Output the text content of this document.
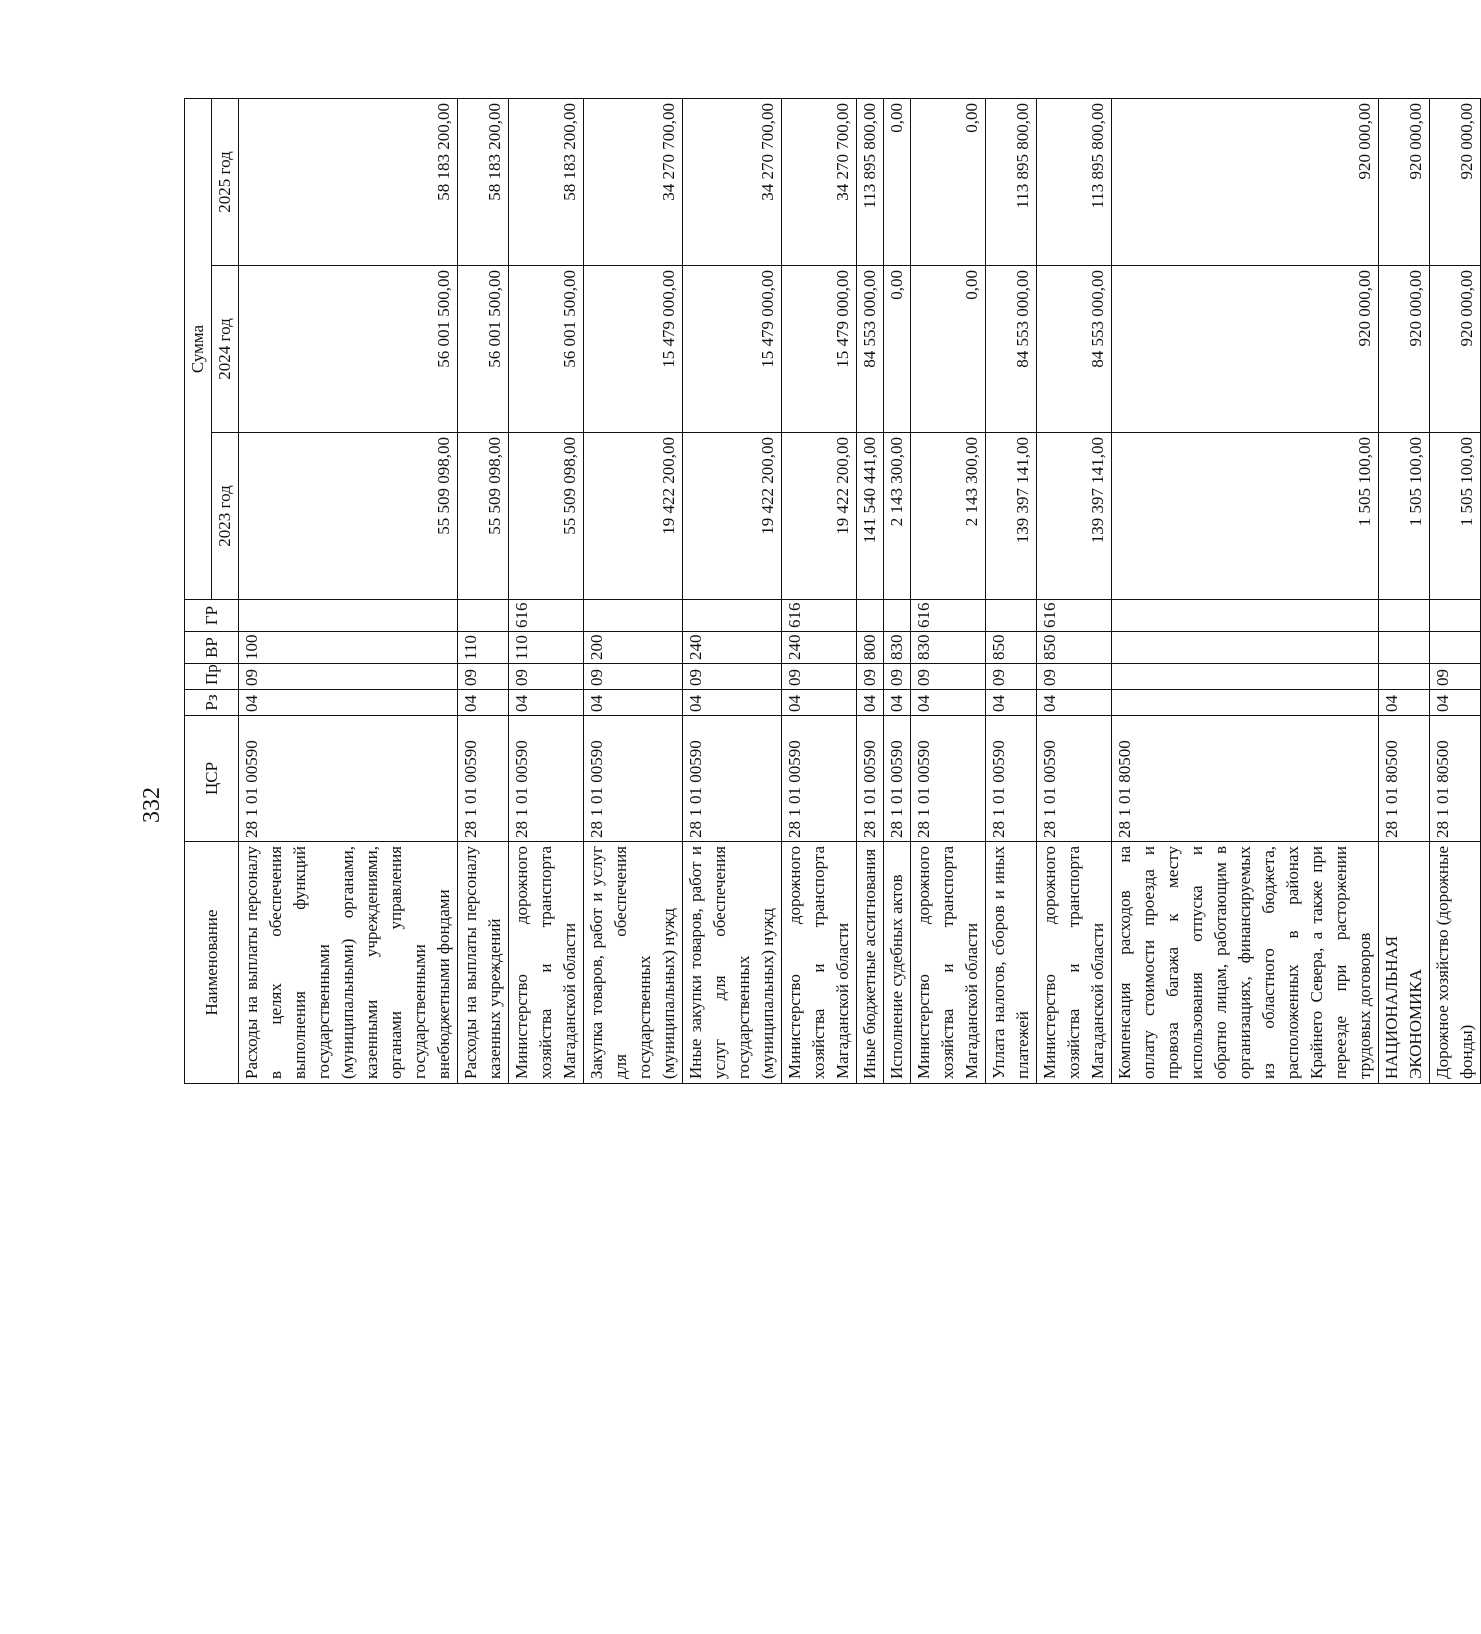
332
Наименование	ЦСР	Рз	Пр	ВР	ГР	Сумма		
						2023 год	2024 год	2025 год
Расходы на выплаты персоналу в целях обеспечения выполнения функций государственными (муниципальными) органами, казенными учреждениями, органами управления государственными внебюджетными фондами	28 1 01 00590	04	09	100		55 509 098,00	56 001 500,00	58 183 200,00
Расходы на выплаты персоналу казенных учреждений	28 1 01 00590	04	09	110		55 509 098,00	56 001 500,00	58 183 200,00
Министерство дорожного хозяйства и транспорта Магаданской области	28 1 01 00590	04	09	110	616	55 509 098,00	56 001 500,00	58 183 200,00
Закупка товаров, работ и услуг для обеспечения государственных (муниципальных) нужд	28 1 01 00590	04	09	200		19 422 200,00	15 479 000,00	34 270 700,00
Иные закупки товаров, работ и услуг для обеспечения государственных (муниципальных) нужд	28 1 01 00590	04	09	240		19 422 200,00	15 479 000,00	34 270 700,00
Министерство дорожного хозяйства и транспорта Магаданской области	28 1 01 00590	04	09	240	616	19 422 200,00	15 479 000,00	34 270 700,00
Иные бюджетные ассигнования	28 1 01 00590	04	09	800		141 540 441,00	84 553 000,00	113 895 800,00
Исполнение судебных актов	28 1 01 00590	04	09	830		2 143 300,00	0,00	0,00
Министерство дорожного хозяйства и транспорта Магаданской области	28 1 01 00590	04	09	830	616	2 143 300,00	0,00	0,00
Уплата налогов, сборов и иных платежей	28 1 01 00590	04	09	850		139 397 141,00	84 553 000,00	113 895 800,00
Министерство дорожного хозяйства и транспорта Магаданской области	28 1 01 00590	04	09	850	616	139 397 141,00	84 553 000,00	113 895 800,00
Компенсация расходов на оплату стоимости проезда и провоза багажа к месту использования отпуска и обратно лицам, работающим в организациях, финансируемых из областного бюджета, расположенных в районах Крайнего Севера, а также при переезде при расторжении трудовых договоров	28 1 01 80500					1 505 100,00	920 000,00	920 000,00
НАЦИОНАЛЬНАЯ ЭКОНОМИКА	28 1 01 80500	04				1 505 100,00	920 000,00	920 000,00
Дорожное хозяйство (дорожные фонды)	28 1 01 80500	04	09			1 505 100,00	920 000,00	920 000,00
